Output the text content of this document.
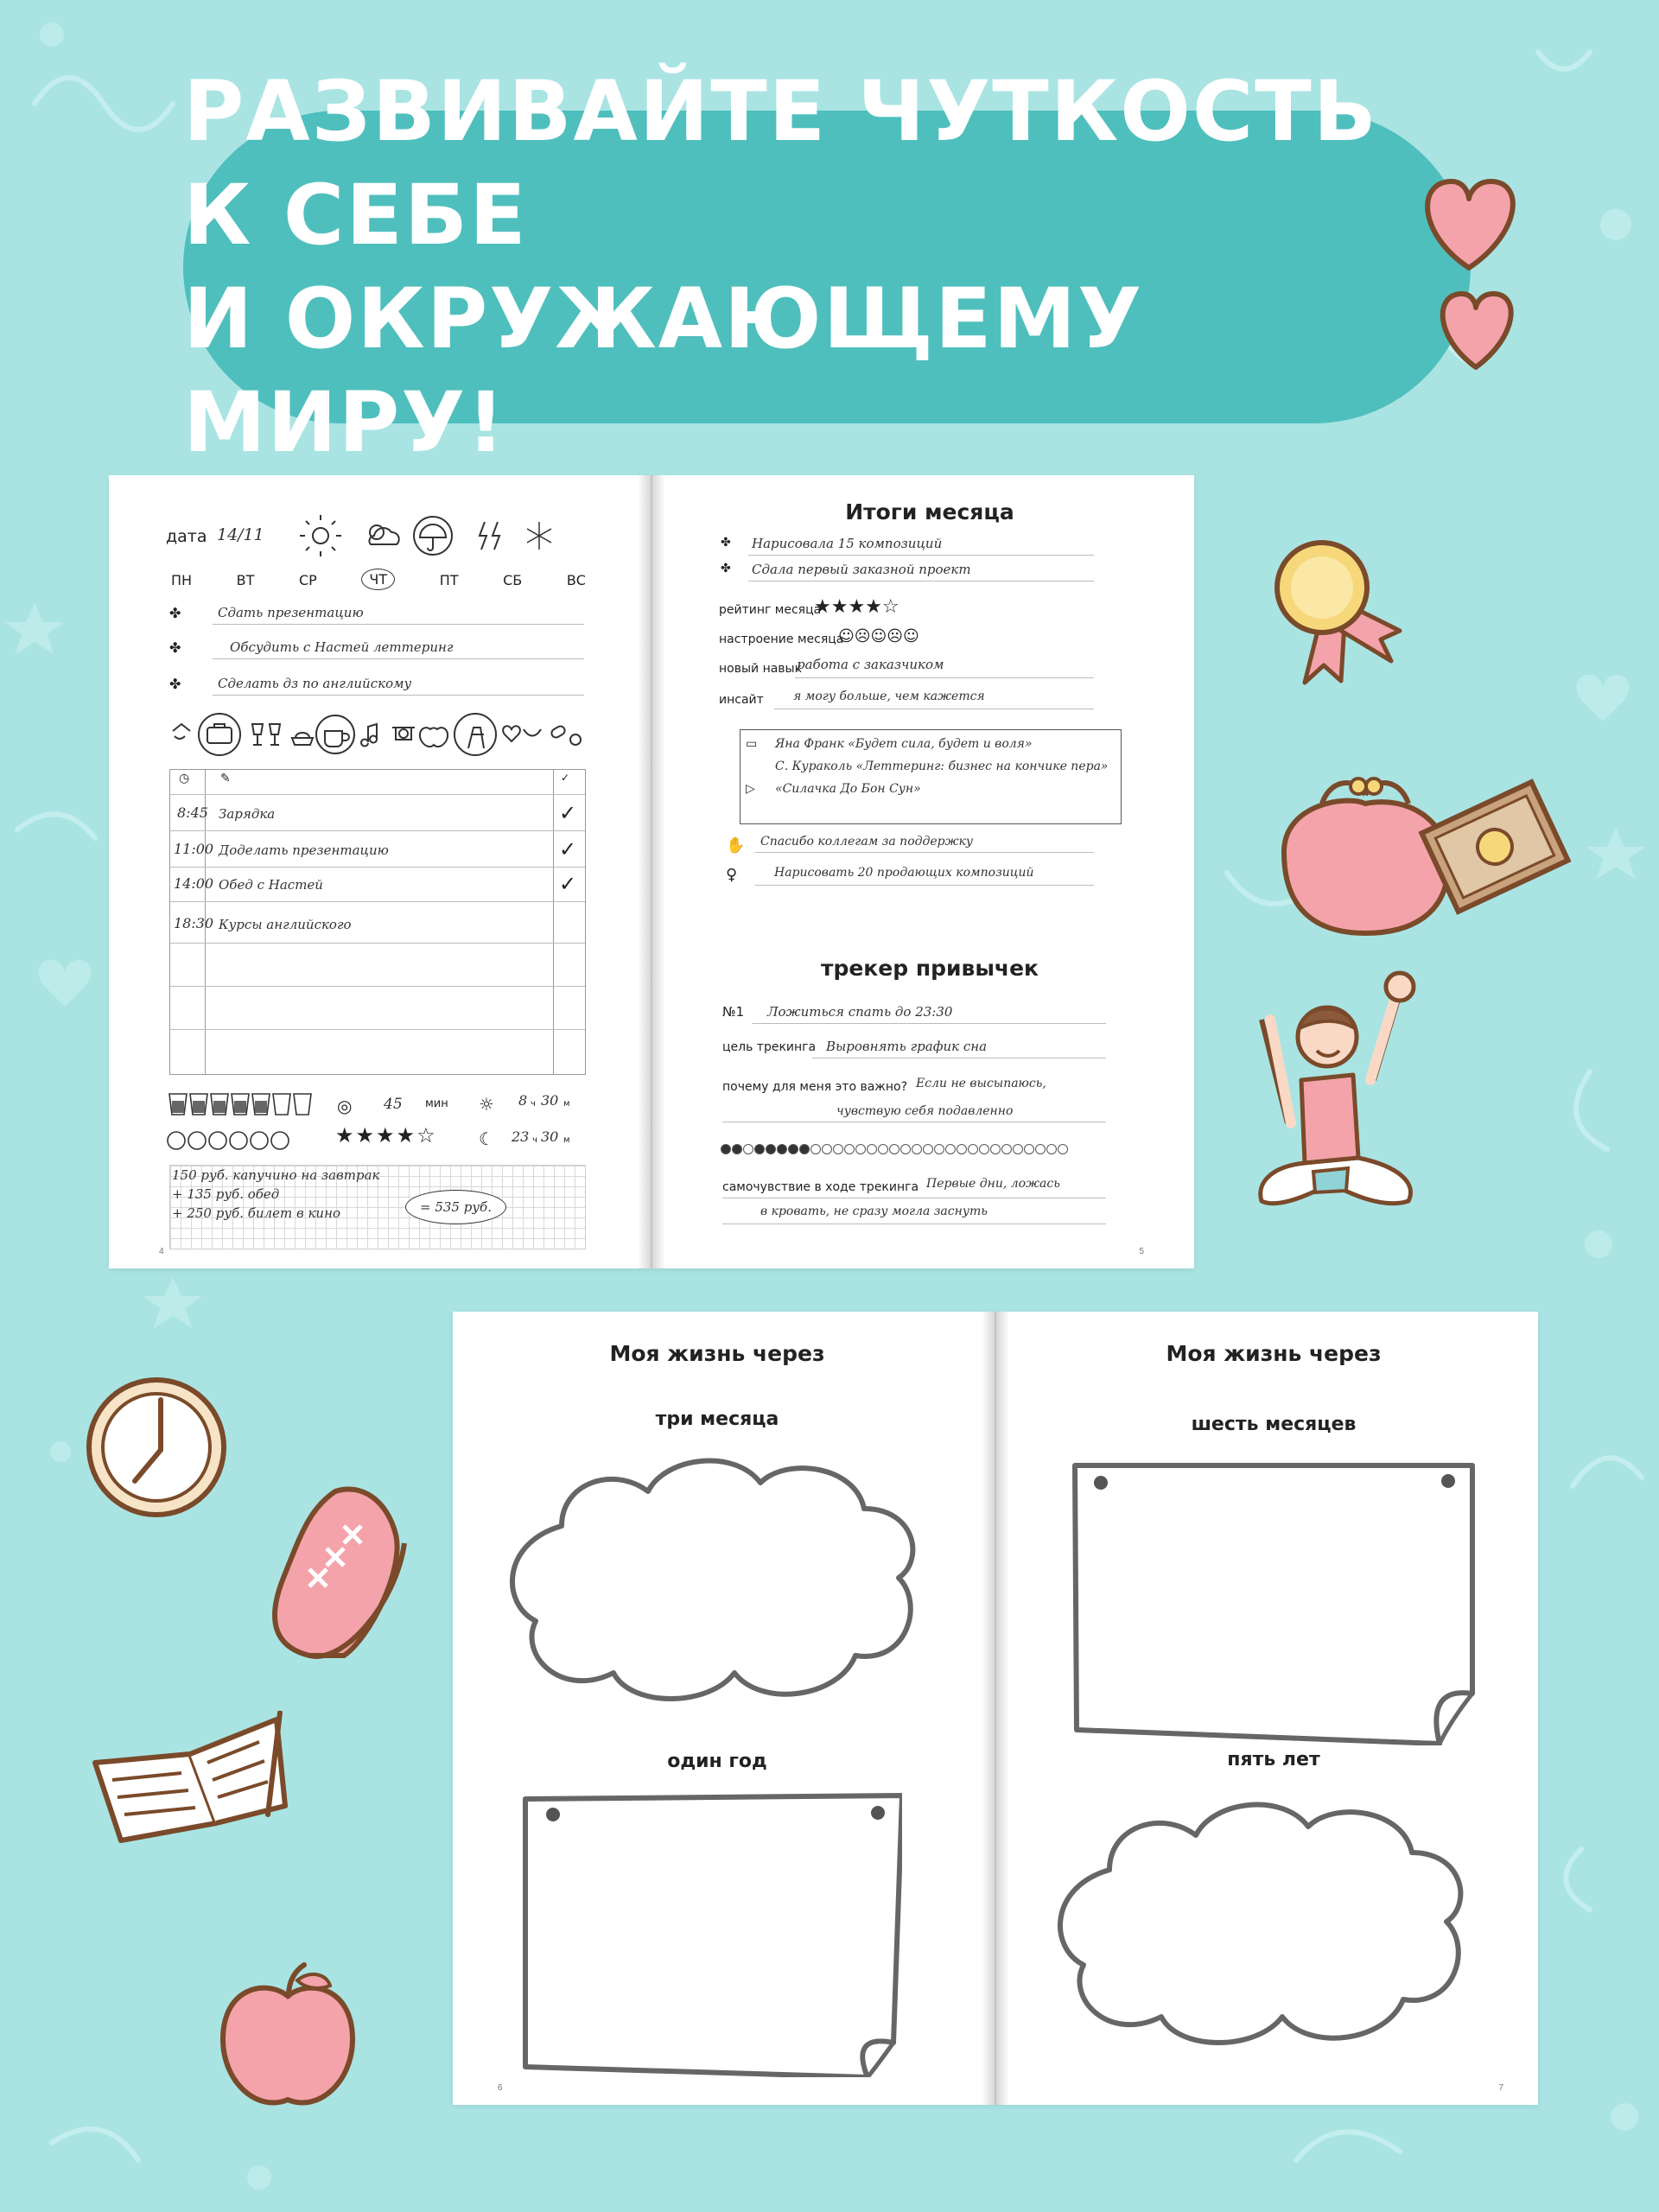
РАЗВИВАЙТЕ ЧУТКОСТЬ К СЕБЕ
И ОКРУЖАЮЩЕМУ МИРУ!
дата 14/11
ПН	ВТ	СР	ЧТ	ПТ	СБ	ВС
✤	Сдать презентацию
✤	Обсудить с Настей леттеринг
✤	Сделать дз по английскому
◷	✎	✓
8:45 Зарядка	✓
11:00 Доделать презентацию	✓
14:00 Обед с Настей	✓
18:30 Курсы английского
◎ 45 мин
★★★★☆
☼ 8 ч 30 м
☾ 23 ч 30 м
150 руб. капучино на завтрак
+ 135 руб. обед
+ 250 руб. билет в кино	= 535 руб.
4
Итоги месяца
✤ Нарисовала 15 композиций
✤ Сдала первый заказной проект
рейтинг месяца
★★★★☆
настроение месяца
☺☹☺☹☺
новый навык
работа с заказчиком
инсайт я могу больше, чем кажется
▭ Яна Франк «Будет сила, будет и воля»
С. Кураколь «Леттеринг: бизнес на кончике пера»
▷ «Силачка До Бон Сун»
✋ Спасибо коллегам за поддержку
♀	Нарисовать 20 продающих композиций
трекер привычек
№1 Ложиться спать до 23:30
цель трекинга Выровнять график сна
почему для меня это важно? Если не высыпаюсь,
чувствую себя подавленно
самочувствие в ходе трекинга Первые дни, ложась
в кровать, не сразу могла заснуть
5
Моя жизнь через
три месяца
один год
6
Моя жизнь через
шесть месяцев
пять лет
7
